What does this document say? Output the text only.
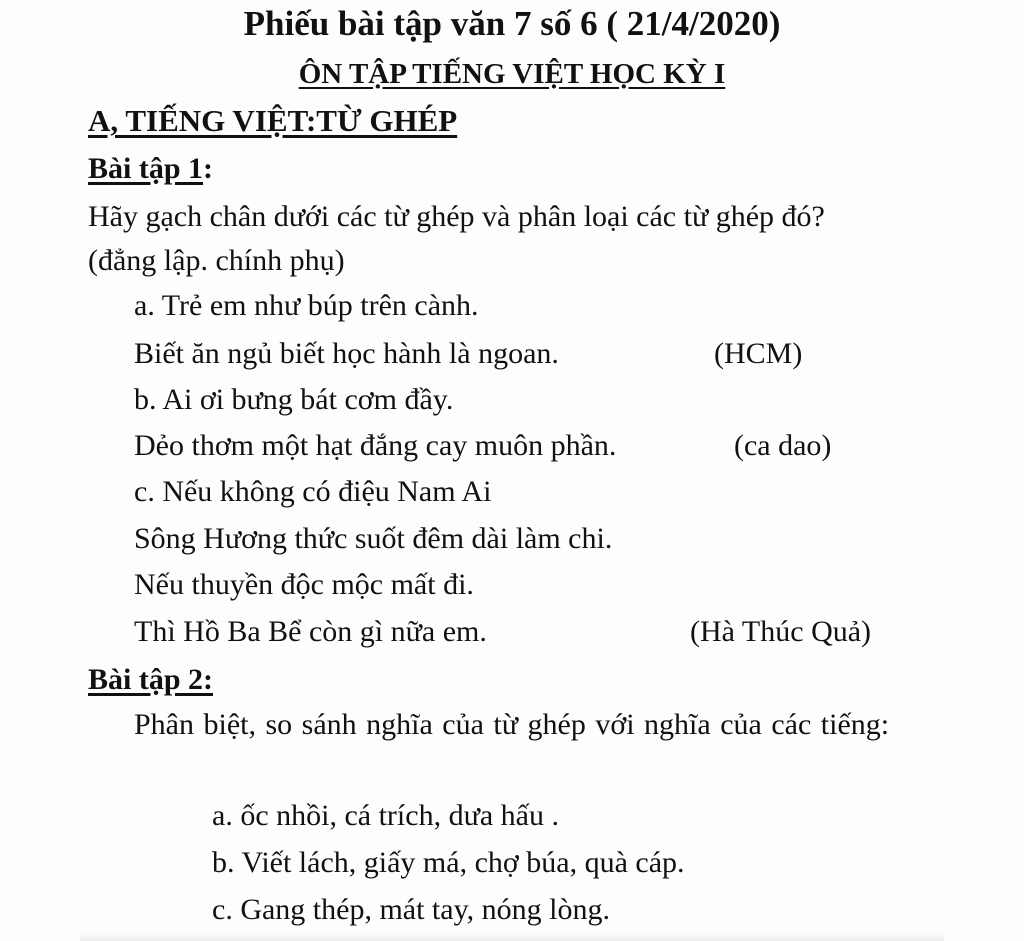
Phiếu bài tập văn 7 số 6 ( 21/4/2020)
ÔN TẬP TIẾNG VIỆT HỌC KỲ I
A, TIẾNG VIỆT:TỪ GHÉP
Bài tập 1:
Hãy gạch chân dưới các từ ghép và phân loại các từ ghép đó?
(đẳng lập. chính phụ)
a. Trẻ em như búp trên cành.
Biết ăn ngủ biết học hành là ngoan.	(HCM)
b. Ai ơi bưng bát cơm đầy.
Dẻo thơm một hạt đắng cay muôn phần.	(ca dao)
c. Nếu không có điệu Nam Ai
Sông Hương thức suốt đêm dài làm chi.
Nếu thuyền độc mộc mất đi.
Thì Hồ Ba Bể còn gì nữa em.	(Hà Thúc Quả)
Bài tập 2:
Phân biệt, so sánh nghĩa của từ ghép với nghĩa của các tiếng:
a. ốc nhồi, cá trích, dưa hấu .
b. Viết lách, giấy má, chợ búa, quà cáp.
c. Gang thép, mát tay, nóng lòng.
